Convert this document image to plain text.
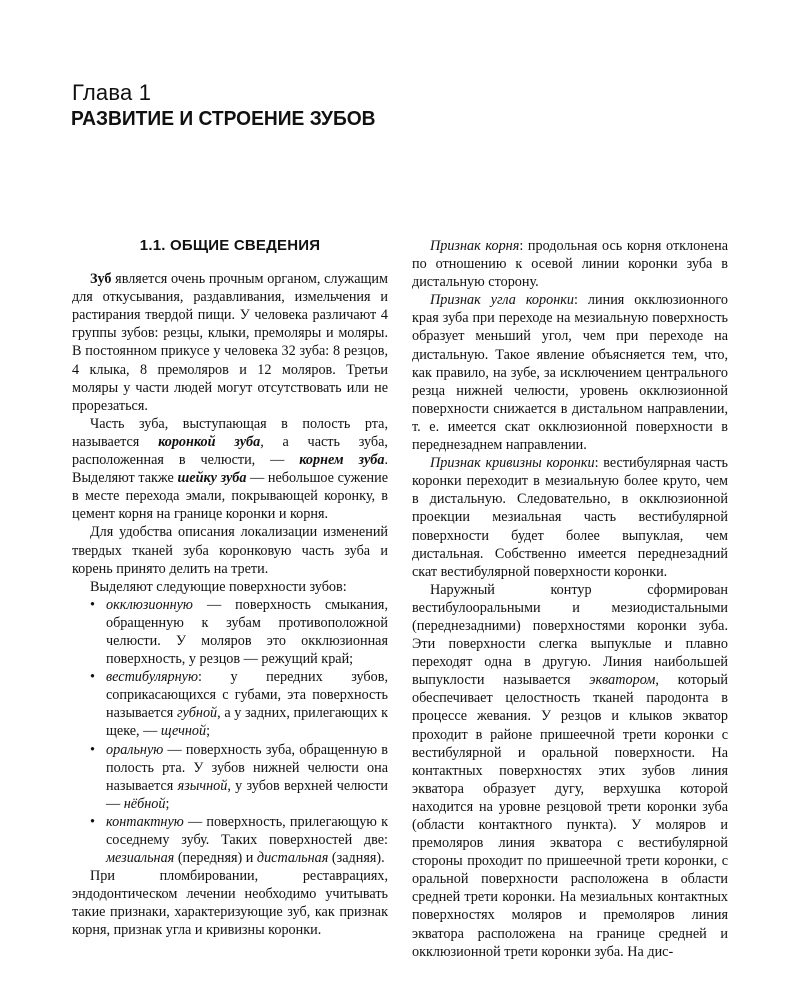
Глава 1
РАЗВИТИЕ И СТРОЕНИЕ ЗУБОВ
1.1. ОБЩИЕ СВЕДЕНИЯ

Зуб является очень прочным органом, служащим для откусывания, раздавливания, измельчения и растирания твердой пищи. У человека различают 4 группы зубов: резцы, клыки, премоляры и моляры. В постоянном прикусе у человека 32 зуба: 8 резцов, 4 клыка, 8 премоляров и 12 моляров. Третьи моляры у части людей могут отсутствовать или не прорезаться.

Часть зуба, выступающая в полость рта, называется коронкой зуба, а часть зуба, расположенная в челюсти, — корнем зуба. Выделяют также шейку зуба — небольшое сужение в месте перехода эмали, покрывающей коронку, в цемент корня на границе коронки и корня.

Для удобства описания локализации изменений твердых тканей зуба коронковую часть зуба и корень принято делить на трети.

Выделяют следующие поверхности зубов:

• окклюзионную — поверхность смыкания, обращенную к зубам противоположной челюсти. У моляров это окклюзионная поверхность, у резцов — режущий край;
• вестибулярную: у передних зубов, соприкасающихся с губами, эта поверхность называется губной, а у задних, прилегающих к щеке, — щечной;
• оральную — поверхность зуба, обращенную в полость рта. У зубов нижней челюсти она называется язычной, у зубов верхней челюсти — нёбной;
• контактную — поверхность, прилегающую к соседнему зубу. Таких поверхностей две: мезиальная (передняя) и дистальная (задняя).

При пломбировании, реставрациях, эндодонтическом лечении необходимо учитывать такие признаки, характеризующие зуб, как признак корня, признак угла и кривизны коронки.

Признак корня: продольная ось корня отклонена по отношению к осевой линии коронки зуба в дистальную сторону.

Признак угла коронки: линия окклюзионного края зуба при переходе на мезиальную поверхность образует меньший угол, чем при переходе на дистальную. Такое явление объясняется тем, что, как правило, на зубе, за исключением центрального резца нижней челюсти, уровень окклюзионной поверхности снижается в дистальном направлении, т. е. имеется скат окклюзионной поверхности в переднезаднем направлении.

Признак кривизны коронки: вестибулярная часть коронки переходит в мезиальную более круто, чем в дистальную. Следовательно, в окклюзионной проекции мезиальная часть вестибулярной поверхности будет более выпуклая, чем дистальная. Собственно имеется переднезадний скат вестибулярной поверхности коронки.

Наружный контур сформирован вестибулооральными и мезиодистальными (переднезадними) поверхностями коронки зуба. Эти поверхности слегка выпуклые и плавно переходят одна в другую. Линия наибольшей выпуклости называется экватором, который обеспечивает целостность тканей пародонта в процессе жевания. У резцов и клыков экватор проходит в районе пришеечной трети коронки с вестибулярной и оральной поверхности. На контактных поверхностях этих зубов линия экватора образует дугу, верхушка которой находится на уровне резцовой трети коронки зуба (области контактного пункта). У моляров и премоляров линия экватора с вестибулярной стороны проходит по пришеечной трети коронки, с оральной поверхности расположена в области средней трети коронки. На мезиальных контактных поверхностях моляров и премоляров линия экватора расположена на границе средней и окклюзионной трети коронки зуба. На дис-
